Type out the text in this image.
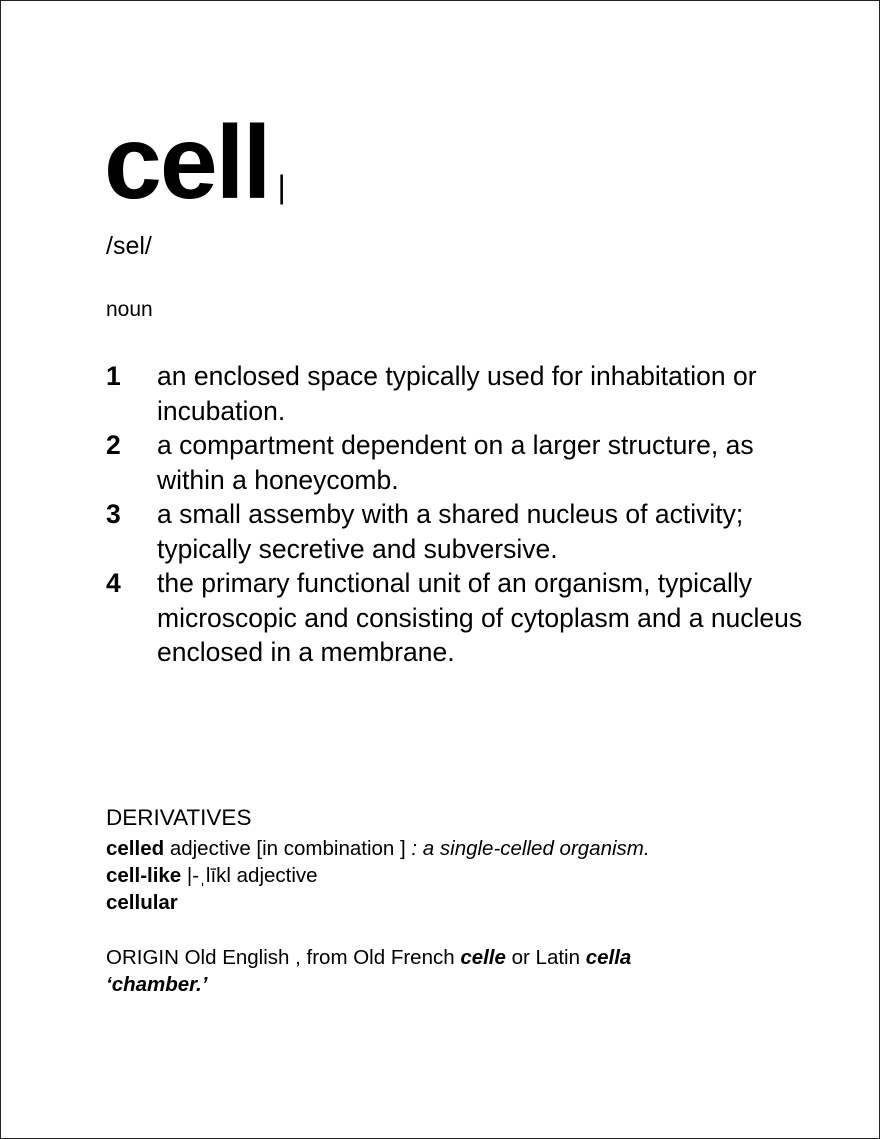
cell |
/sel/
noun
1	an enclosed space typically used for inhabitation or incubation.
2	a compartment dependent on a larger structure, as within a honeycomb.
3	a small assemby with a shared nucleus of activity; typically secretive and subversive.
4	the primary functional unit of an organism, typically microscopic and consisting of cytoplasm and a nucleus enclosed in a membrane.
DERIVATIVES
celled adjective [in combination ] : a single-celled organism.
cell-like |-ˌlīkl adjective
cellular
ORIGIN Old English , from Old French celle or Latin cella
‘chamber.’
